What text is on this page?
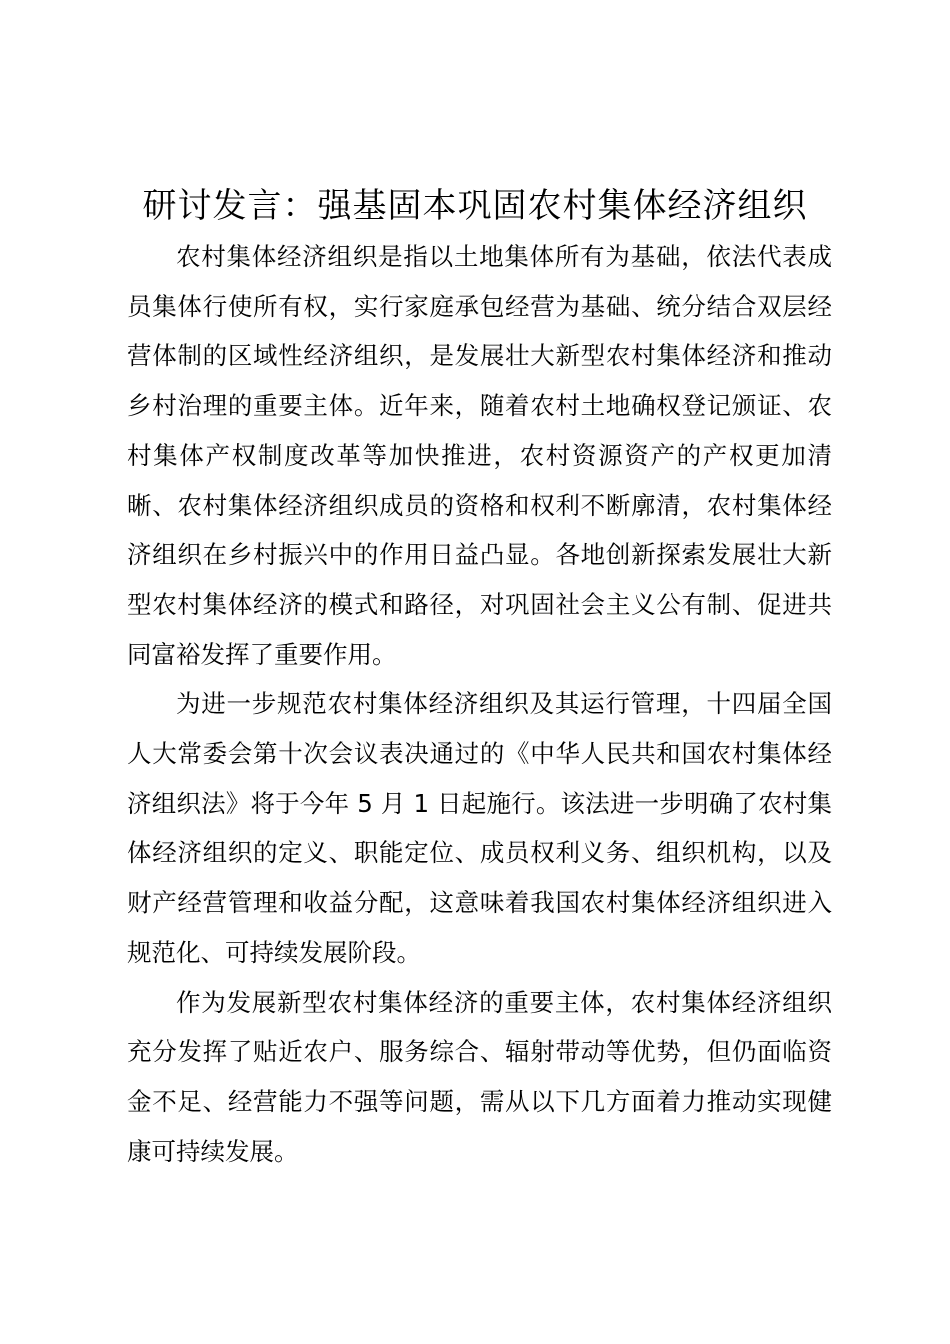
研讨发言：强基固本巩固农村集体经济组织

农村集体经济组织是指以土地集体所有为基础，依法代表成员集体行使所有权，实行家庭承包经营为基础、统分结合双层经营体制的区域性经济组织，是发展壮大新型农村集体经济和推动乡村治理的重要主体。近年来，随着农村土地确权登记颁证、农村集体产权制度改革等加快推进，农村资源资产的产权更加清晰、农村集体经济组织成员的资格和权利不断廓清，农村集体经济组织在乡村振兴中的作用日益凸显。各地创新探索发展壮大新型农村集体经济的模式和路径，对巩固社会主义公有制、促进共同富裕发挥了重要作用。

为进一步规范农村集体经济组织及其运行管理，十四届全国人大常委会第十次会议表决通过的《中华人民共和国农村集体经济组织法》将于今年 5 月 1 日起施行。该法进一步明确了农村集体经济组织的定义、职能定位、成员权利义务、组织机构，以及财产经营管理和收益分配，这意味着我国农村集体经济组织进入规范化、可持续发展阶段。

作为发展新型农村集体经济的重要主体，农村集体经济组织充分发挥了贴近农户、服务综合、辐射带动等优势，但仍面临资金不足、经营能力不强等问题，需从以下几方面着力推动实现健康可持续发展。
